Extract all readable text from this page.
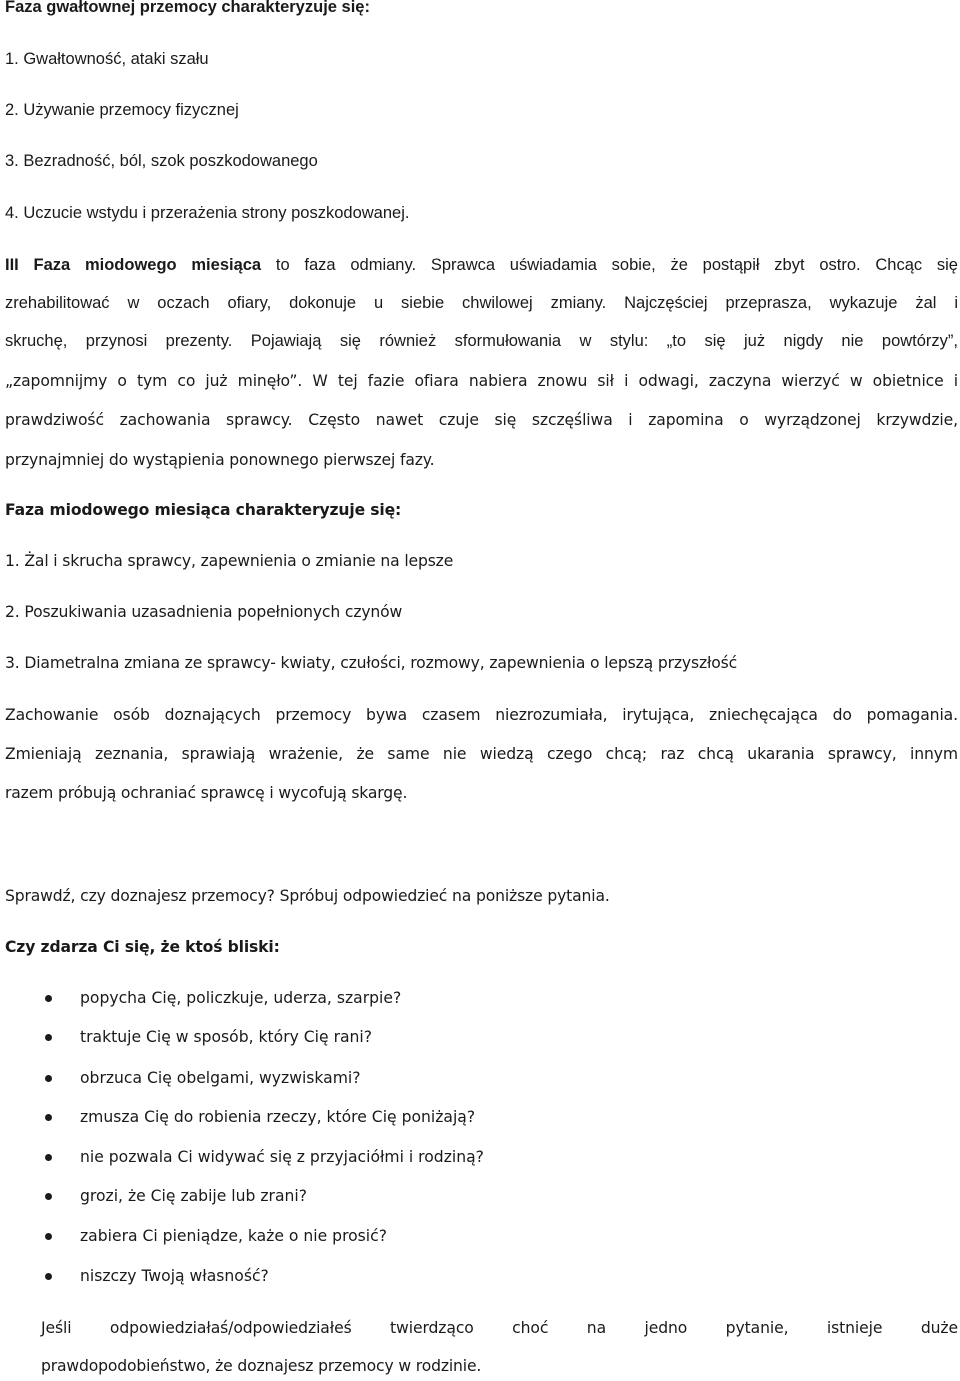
Faza gwałtownej przemocy charakteryzuje się:
1. Gwałtowność, ataki szału
2. Używanie przemocy fizycznej
3. Bezradność, ból, szok poszkodowanego
4. Uczucie wstydu i przerażenia strony poszkodowanej.
III Faza miodowego miesiąca to faza odmiany. Sprawca uświadamia sobie, że postąpił zbyt ostro. Chcąc się
zrehabilitować w oczach ofiary, dokonuje u siebie chwilowej zmiany. Najczęściej przeprasza, wykazuje żal i
skruchę, przynosi prezenty. Pojawiają się również sformułowania w stylu: „to się już nigdy nie powtórzy”,
„zapomnijmy o tym co już minęło”. W tej fazie ofiara nabiera znowu sił i odwagi, zaczyna wierzyć w obietnice i
prawdziwość zachowania sprawcy. Często nawet czuje się szczęśliwa i zapomina o wyrządzonej krzywdzie,
przynajmniej do wystąpienia ponownego pierwszej fazy.
Faza miodowego miesiąca charakteryzuje się:
1. Żal i skrucha sprawcy, zapewnienia o zmianie na lepsze
2. Poszukiwania uzasadnienia popełnionych czynów
3. Diametralna zmiana ze sprawcy- kwiaty, czułości, rozmowy, zapewnienia o lepszą przyszłość
Zachowanie osób doznających przemocy bywa czasem niezrozumiała, irytująca, zniechęcająca do pomagania.
Zmieniają zeznania, sprawiają wrażenie, że same nie wiedzą czego chcą; raz chcą ukarania sprawcy, innym
razem próbują ochraniać sprawcę i wycofują skargę.
Sprawdź, czy doznajesz przemocy? Spróbuj odpowiedzieć na poniższe pytania.
Czy zdarza Ci się, że ktoś bliski:
popycha Cię, policzkuje, uderza, szarpie?
traktuje Cię w sposób, który Cię rani?
obrzuca Cię obelgami, wyzwiskami?
zmusza Cię do robienia rzeczy, które Cię poniżają?
nie pozwala Ci widywać się z przyjaciółmi i rodziną?
grozi, że Cię zabije lub zrani?
zabiera Ci pieniądze, każe o nie prosić?
niszczy Twoją własność?
Jeśli odpowiedziałaś/odpowiedziałeś twierdząco choć na jedno pytanie, istnieje duże
prawdopodobieństwo, że doznajesz przemocy w rodzinie.
